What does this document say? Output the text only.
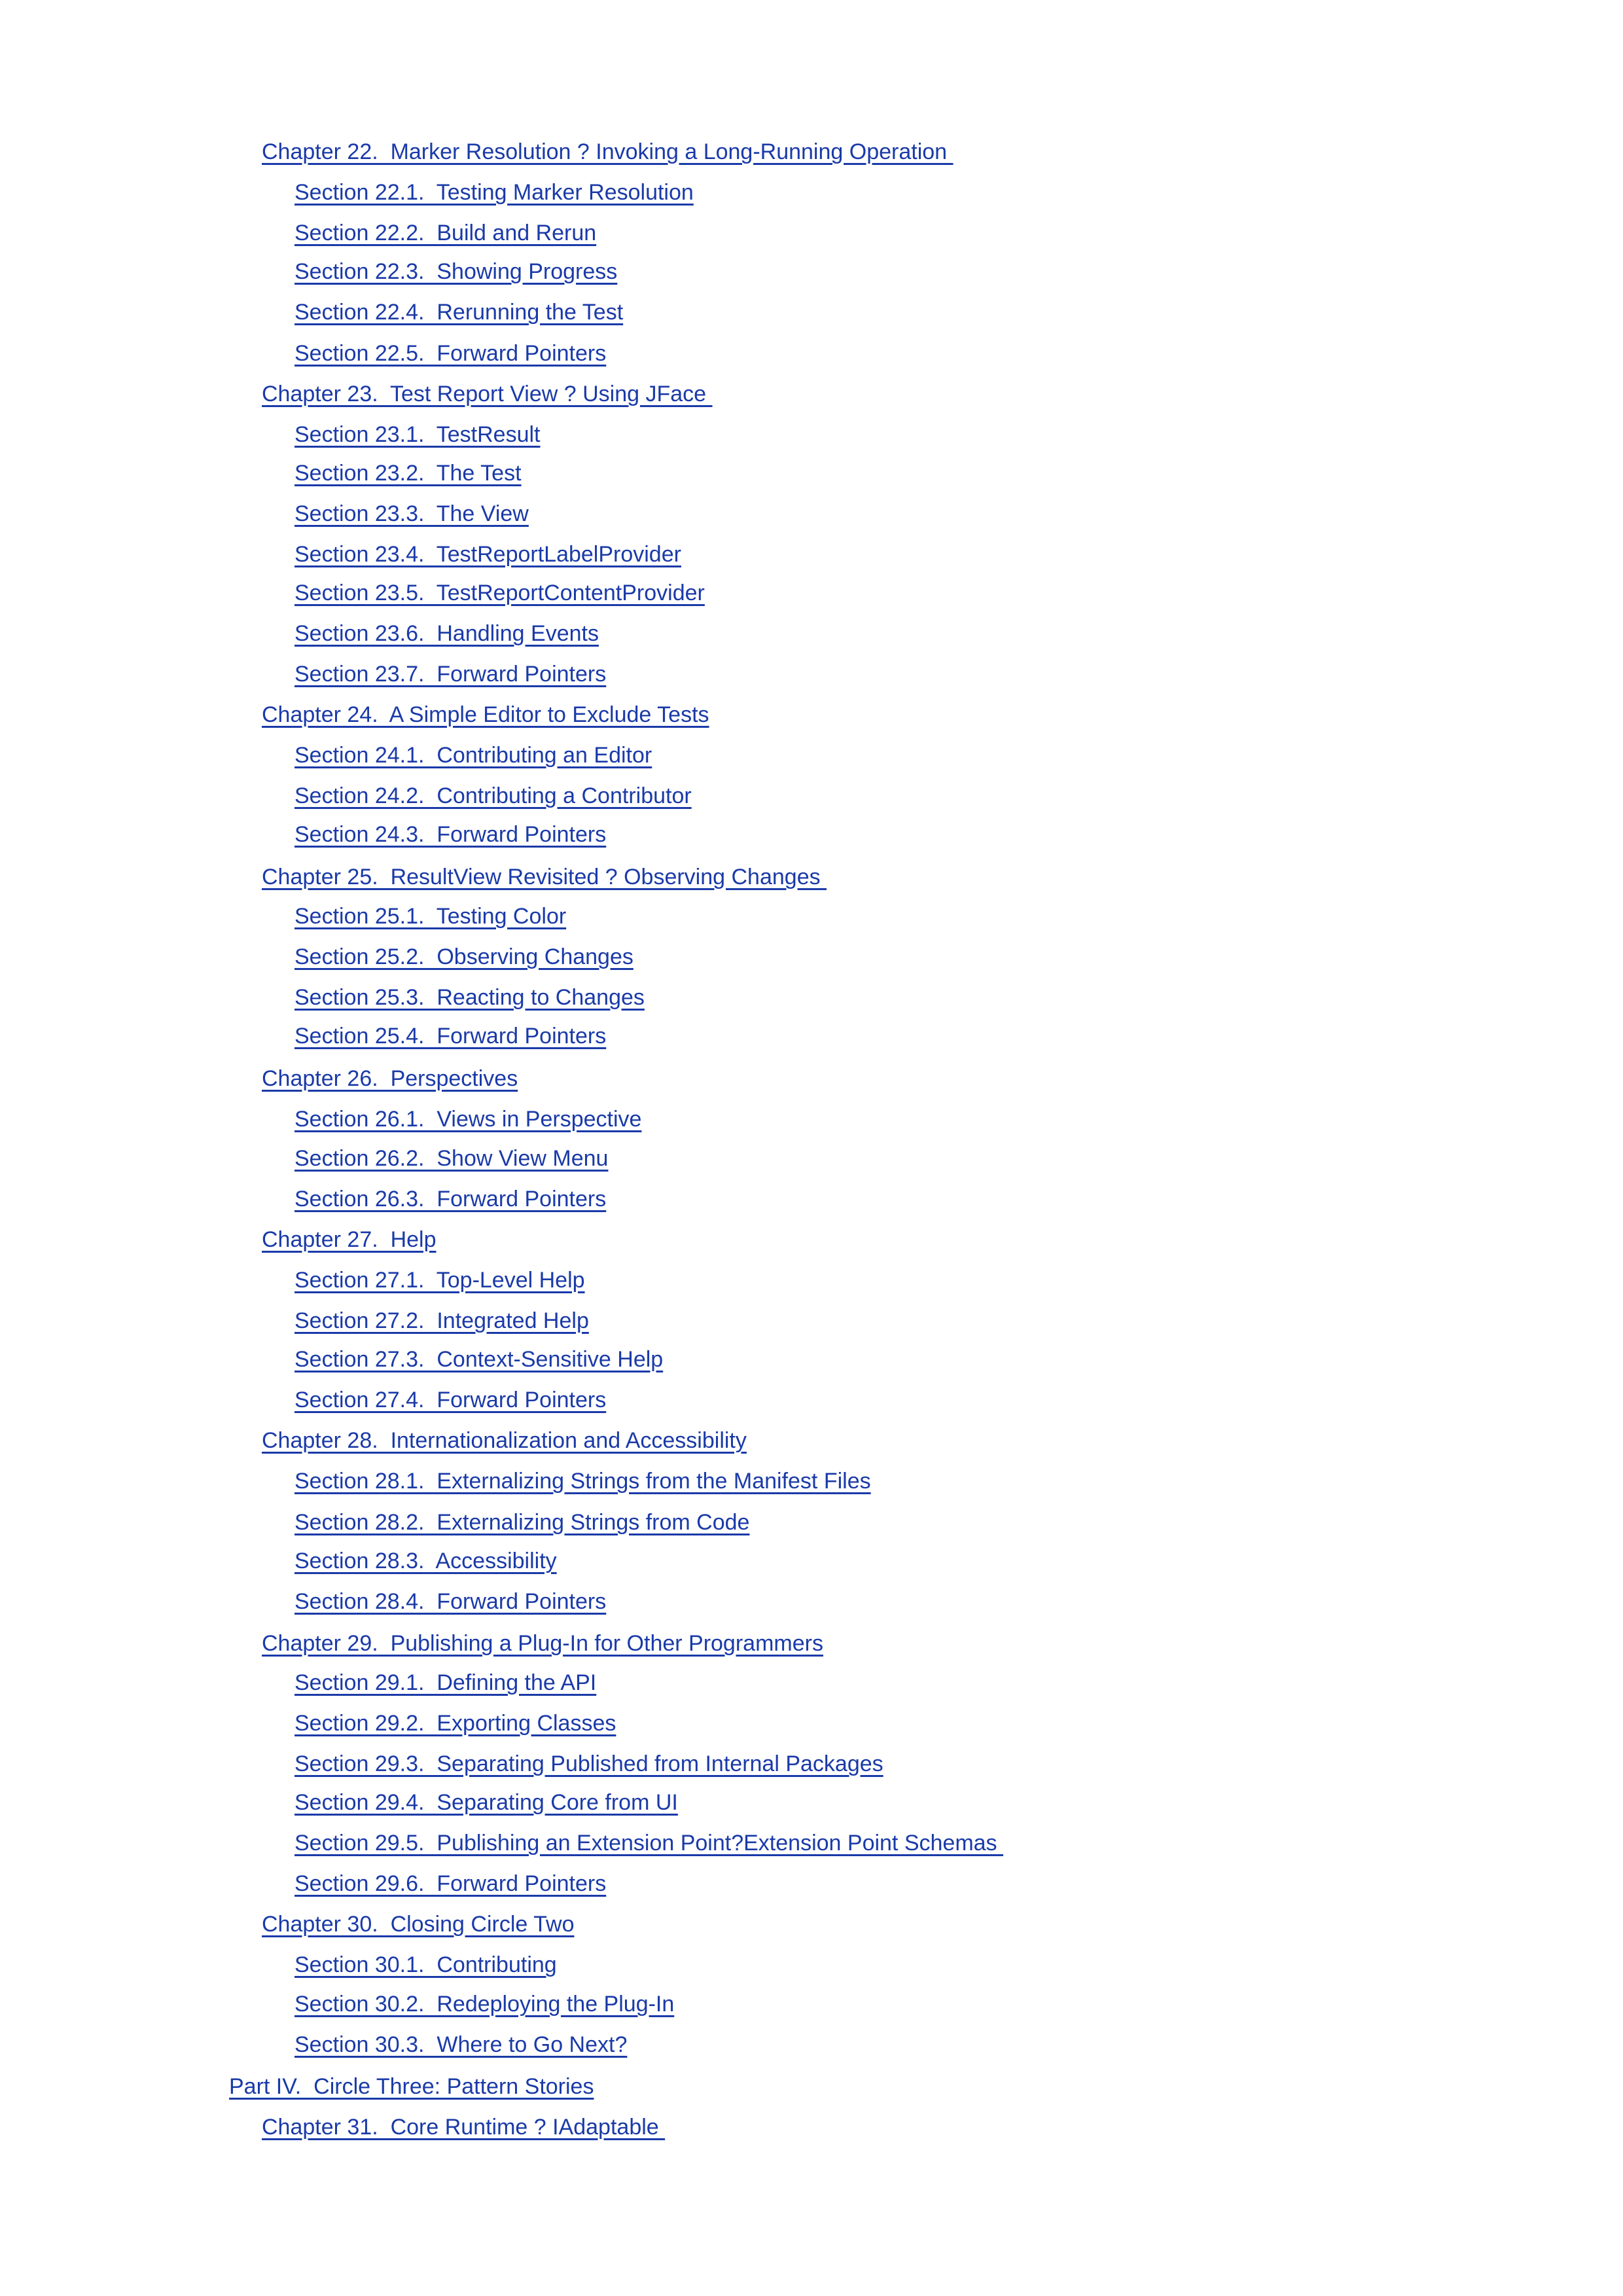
Chapter 22.  Marker Resolution ? Invoking a Long-Running Operation
Section 22.1.  Testing Marker Resolution
Section 22.2.  Build and Rerun
Section 22.3.  Showing Progress
Section 22.4.  Rerunning the Test
Section 22.5.  Forward Pointers
Chapter 23.  Test Report View ? Using JFace
Section 23.1.  TestResult
Section 23.2.  The Test
Section 23.3.  The View
Section 23.4.  TestReportLabelProvider
Section 23.5.  TestReportContentProvider
Section 23.6.  Handling Events
Section 23.7.  Forward Pointers
Chapter 24.  A Simple Editor to Exclude Tests
Section 24.1.  Contributing an Editor
Section 24.2.  Contributing a Contributor
Section 24.3.  Forward Pointers
Chapter 25.  ResultView Revisited ? Observing Changes
Section 25.1.  Testing Color
Section 25.2.  Observing Changes
Section 25.3.  Reacting to Changes
Section 25.4.  Forward Pointers
Chapter 26.  Perspectives
Section 26.1.  Views in Perspective
Section 26.2.  Show View Menu
Section 26.3.  Forward Pointers
Chapter 27.  Help
Section 27.1.  Top-Level Help
Section 27.2.  Integrated Help
Section 27.3.  Context-Sensitive Help
Section 27.4.  Forward Pointers
Chapter 28.  Internationalization and Accessibility
Section 28.1.  Externalizing Strings from the Manifest Files
Section 28.2.  Externalizing Strings from Code
Section 28.3.  Accessibility
Section 28.4.  Forward Pointers
Chapter 29.  Publishing a Plug-In for Other Programmers
Section 29.1.  Defining the API
Section 29.2.  Exporting Classes
Section 29.3.  Separating Published from Internal Packages
Section 29.4.  Separating Core from UI
Section 29.5.  Publishing an Extension Point?Extension Point Schemas
Section 29.6.  Forward Pointers
Chapter 30.  Closing Circle Two
Section 30.1.  Contributing
Section 30.2.  Redeploying the Plug-In
Section 30.3.  Where to Go Next?
Part IV.  Circle Three: Pattern Stories
Chapter 31.  Core Runtime ? IAdaptable
